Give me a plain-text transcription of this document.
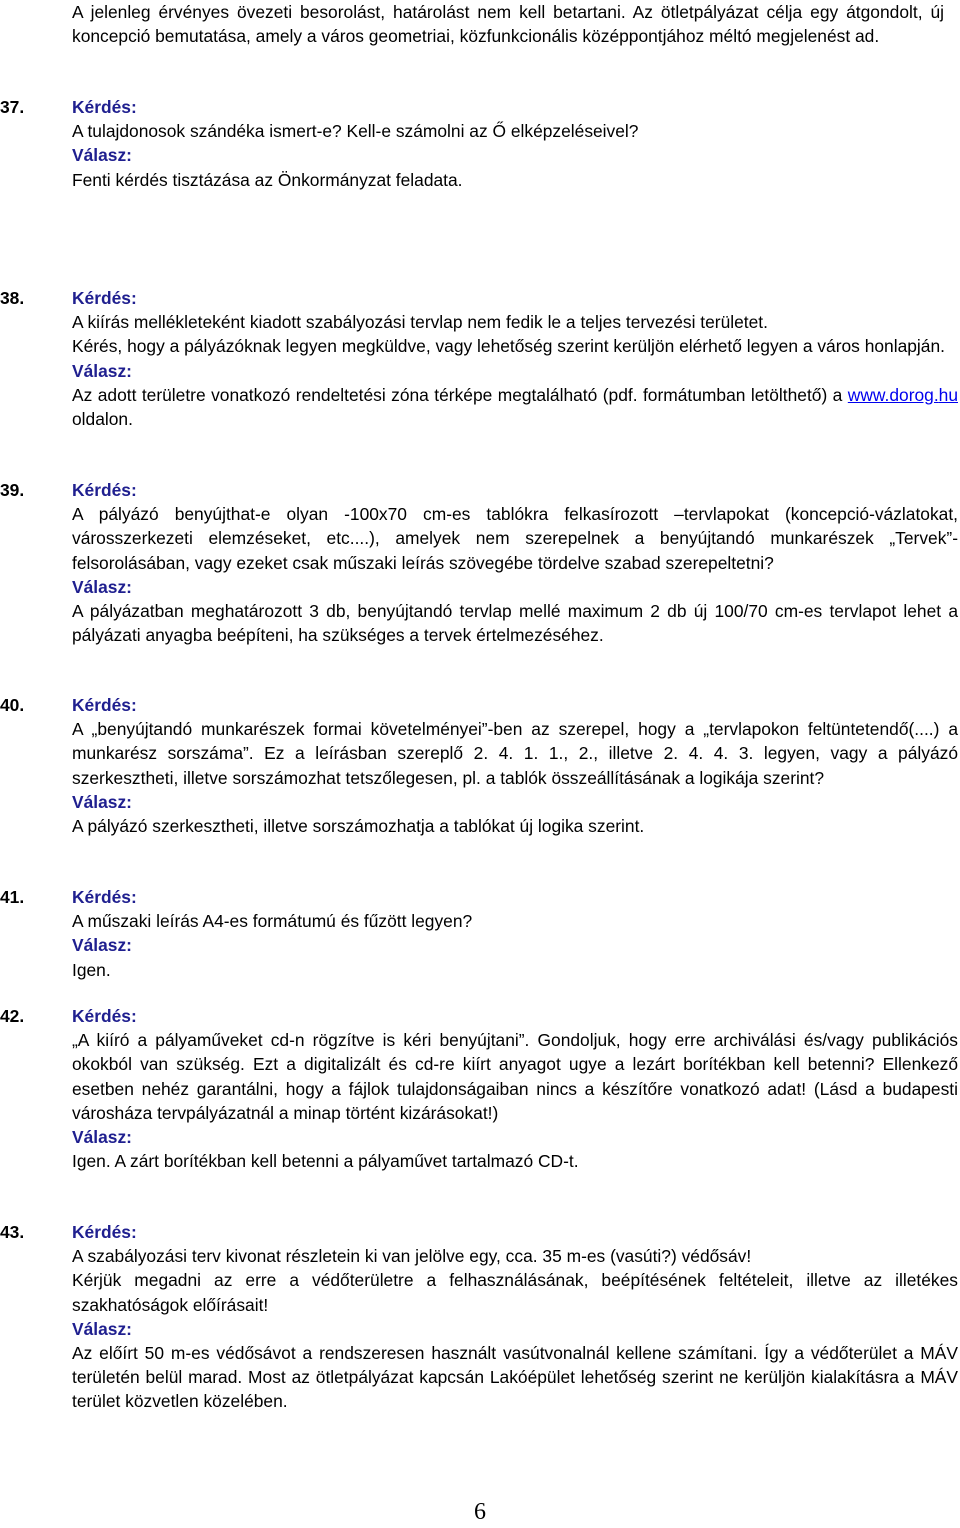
A jelenleg érvényes övezeti besorolást, határolást nem kell betartani. Az ötletpályázat célja egy átgondolt, új koncepció bemutatása, amely a város geometriai, közfunkcionális középpontjához méltó megjelenést ad.
37.	Kérdés:
A tulajdonosok szándéka ismert-e? Kell-e számolni az Ő elképzeléseivel?
Válasz:
Fenti kérdés tisztázása az Önkormányzat feladata.
38.	Kérdés:
A kiírás mellékleteként kiadott szabályozási tervlap nem fedik le a teljes tervezési területet.
Kérés, hogy a pályázóknak legyen megküldve, vagy lehetőség szerint kerüljön elérhető legyen a város honlapján.
Válasz:
Az adott területre vonatkozó rendeltetési zóna térképe megtalálható (pdf. formátumban letölthető) a www.dorog.hu oldalon.
39.	Kérdés:
A pályázó benyújthat-e olyan -100x70 cm-es tablókra felkasírozott –tervlapokat (koncepció-vázlatokat, városszerkezeti elemzéseket, etc....), amelyek nem szerepelnek a benyújtandó munkarészek „Tervek”- felsorolásában, vagy ezeket csak műszaki leírás szövegébe tördelve szabad szerepeltetni?
Válasz:
A pályázatban meghatározott 3 db, benyújtandó tervlap mellé maximum 2 db új 100/70 cm-es tervlapot lehet a pályázati anyagba beépíteni, ha szükséges a tervek értelmezéséhez.
40.	Kérdés:
A „benyújtandó munkarészek formai követelményei”-ben az szerepel, hogy a „tervlapokon feltüntetendő(....) a munkarész sorszáma”. Ez a leírásban szereplő 2. 4. 1. 1., 2., illetve 2. 4. 4. 3. legyen, vagy a pályázó szerkesztheti, illetve sorszámozhat tetszőlegesen, pl. a tablók összeállításának a logikája szerint?
Válasz:
A pályázó szerkesztheti, illetve sorszámozhatja a tablókat új logika szerint.
41.	Kérdés:
A műszaki leírás A4-es formátumú és fűzött legyen?
Válasz:
Igen.
42.	Kérdés:
„A kiíró a pályaműveket cd-n rögzítve is kéri benyújtani”. Gondoljuk, hogy erre archiválási és/vagy publikációs okokból van szükség. Ezt a digitalizált és cd-re kiírt anyagot ugye a lezárt borítékban kell betenni? Ellenkező esetben nehéz garantálni, hogy a fájlok tulajdonságaiban nincs a készítőre vonatkozó adat! (Lásd a budapesti városháza tervpályázatnál a minap történt kizárásokat!)
Válasz:
Igen. A zárt borítékban kell betenni a pályaművet tartalmazó CD-t.
43.	Kérdés:
A szabályozási terv kivonat részletein ki van jelölve egy, cca. 35 m-es (vasúti?) védősáv!
Kérjük megadni az erre a védőterületre a felhasználásának, beépítésének feltételeit, illetve az illetékes szakhatóságok előírásait!
Válasz:
Az előírt 50 m-es védősávot a rendszeresen használt vasútvonalnál kellene számítani. Így a védőterület a MÁV területén belül marad. Most az ötletpályázat kapcsán Lakóépület lehetőség szerint ne kerüljön kialakításra a MÁV terület közvetlen közelében.
6
